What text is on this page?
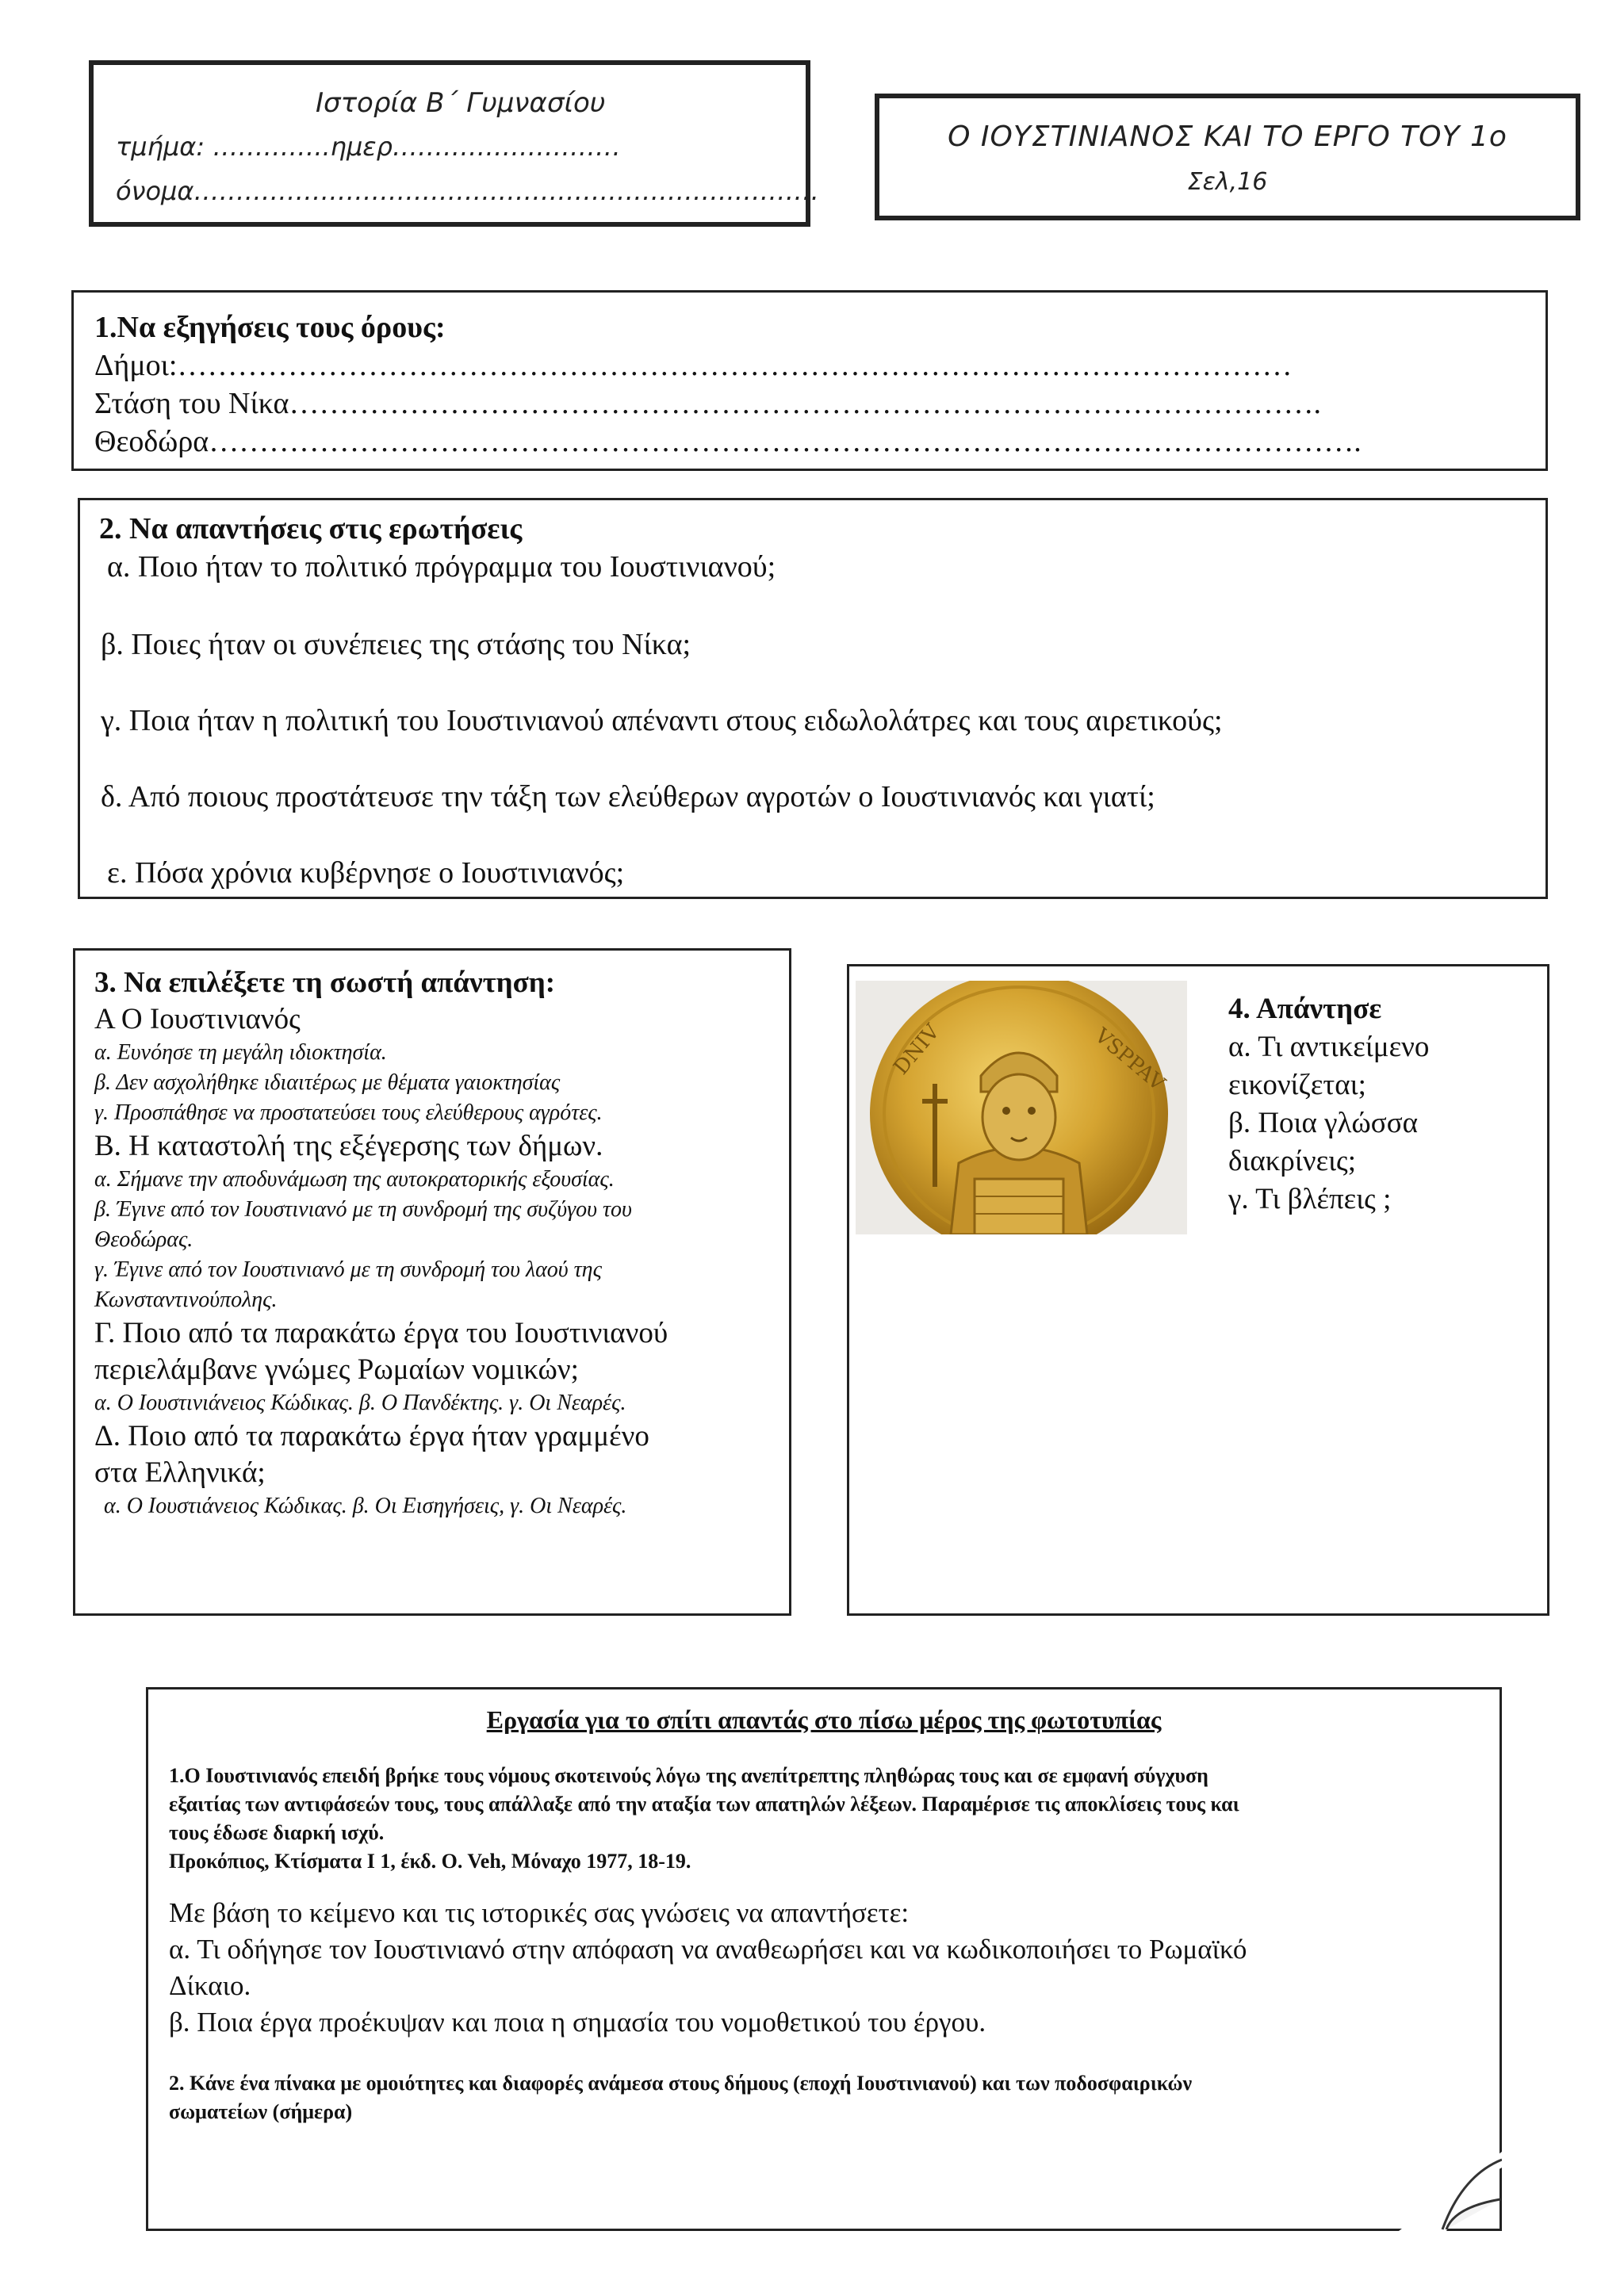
Ιστορία Β΄ Γυμνασίου
τμήμα: …………..ημερ………………………
όνομα……………………………………………………….……….
Ο ΙΟΥΣΤΙΝΙΑΝΟΣ ΚΑΙ ΤΟ ΕΡΓΟ ΤΟΥ 1ο
Σελ,16
1.Να εξηγήσεις τους όρους:
Δήμοι:…………………………………………………………………………………………………
Στάση του Νίκα………………………………………………………………………………………….
Θεοδώρα…………………………………………………………………………………………………….
2. Να απαντήσεις στις ερωτήσεις
α. Ποιο ήταν το πολιτικό πρόγραμμα του Ιουστινιανού;
β. Ποιες ήταν οι συνέπειες της στάσης του Νίκα;
γ. Ποια ήταν η πολιτική του Ιουστινιανού απέναντι στους ειδωλολάτρες και τους αιρετικούς;
δ. Από ποιους προστάτευσε την τάξη των ελεύθερων αγροτών ο Ιουστινιανός και γιατί;
ε. Πόσα χρόνια κυβέρνησε ο Ιουστινιανός;
3. Να επιλέξετε τη σωστή απάντηση:
Α Ο Ιουστινιανός
α. Ευνόησε τη μεγάλη ιδιοκτησία.
β. Δεν ασχολήθηκε ιδιαιτέρως με θέματα γαιοκτησίας
γ. Προσπάθησε να προστατεύσει τους ελεύθερους αγρότες.
Β. Η καταστολή της εξέγερσης των δήμων.
α. Σήμανε την αποδυνάμωση της αυτοκρατορικής εξουσίας.
β. Έγινε από τον Ιουστινιανό με τη συνδρομή της συζύγου του
Θεοδώρας.
γ. Έγινε από τον Ιουστινιανό με τη συνδρομή του λαού της
Κωνσταντινούπολης.
Γ. Ποιο από τα παρακάτω έργα του Ιουστινιανού
περιελάμβανε γνώμες Ρωμαίων νομικών;
α. Ο Ιουστινιάνειος Κώδικας. β. Ο Πανδέκτης. γ. Οι Νεαρές.
Δ. Ποιο από τα παρακάτω έργα ήταν γραμμένο
στα Ελληνικά;
α. Ο Ιουστιάνειος Κώδικας. β. Οι Εισηγήσεις, γ. Οι Νεαρές.
DNIV	VSPPAV
4. Απάντησε
α. Τι αντικείμενο
εικονίζεται;
β. Ποια γλώσσα
διακρίνεις;
γ. Τι βλέπεις ;
Εργασία για το σπίτι απαντάς στο πίσω μέρος της φωτοτυπίας
1.Ο Ιουστινιανός επειδή βρήκε τους νόμους σκοτεινούς λόγω της ανεπίτρεπτης πληθώρας τους και σε εμφανή σύγχυση
εξαιτίας των αντιφάσεών τους, τους απάλλαξε από την αταξία των απατηλών λέξεων. Παραμέρισε τις αποκλίσεις τους και
τους έδωσε διαρκή ισχύ.
Προκόπιος, Κτίσματα I 1, έκδ. O. Veh, Μόναχο 1977, 18-19.
Με βάση το κείμενο και τις ιστορικές σας γνώσεις να απαντήσετε:
α. Τι οδήγησε τον Ιουστινιανό στην απόφαση να αναθεωρήσει και να κωδικοποιήσει το Ρωμαϊκό
Δίκαιο.
β. Ποια έργα προέκυψαν και ποια η σημασία του νομοθετικού του έργου.
2. Κάνε ένα πίνακα με ομοιότητες και διαφορές ανάμεσα στους δήμους (εποχή Ιουστινιανού) και των ποδοσφαιρικών
σωματείων (σήμερα)
